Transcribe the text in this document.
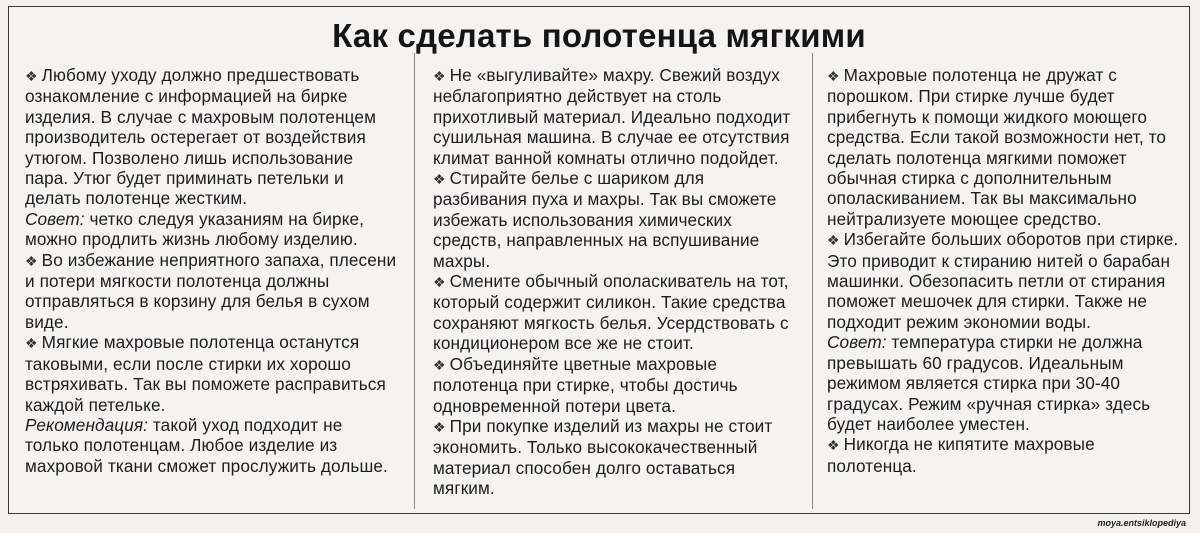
Как сделать полотенца мягкими

❖ Любому уходу должно предшествовать ознакомление с информацией на бирке изделия. В случае с махровым полотенцем производитель остерегает от воздействия утюгом. Позволено лишь использование пара. Утюг будет приминать петельки и делать полотенце жестким.

Совет: четко следуя указаниям на бирке, можно продлить жизнь любому изделию.

❖ Во избежание неприятного запаха, плесени и потери мягкости полотенца должны отправляться в корзину для белья в сухом виде.

❖ Мягкие махровые полотенца останутся таковыми, если после стирки их хорошо встряхивать. Так вы поможете расправиться каждой петельке.

Рекомендация: такой уход подходит не только полотенцам. Любое изделие из махровой ткани сможет прослужить дольше.

❖ Не «выгуливайте» махру. Свежий воздух неблагоприятно действует на столь прихотливый материал. Идеально подходит сушильная машина. В случае ее отсутствия климат ванной комнаты отлично подойдет.

❖ Стирайте белье с шариком для разбивания пуха и махры. Так вы сможете избежать использования химических средств, направленных на вспушивание махры.

❖ Смените обычный ополаскиватель на тот, который содержит силикон. Такие средства сохраняют мягкость белья. Усердствовать с кондиционером все же не стоит.

❖ Объединяйте цветные махровые полотенца при стирке, чтобы достичь одновременной потери цвета.

❖ При покупке изделий из махры не стоит экономить. Только высококачественный материал способен долго оставаться мягким.

❖ Махровые полотенца не дружат с порошком. При стирке лучше будет прибегнуть к помощи жидкого моющего средства. Если такой возможности нет, то сделать полотенца мягкими поможет обычная стирка с дополнительным ополаскиванием. Так вы максимально нейтрализуете моющее средство.

❖ Избегайте больших оборотов при стирке. Это приводит к стиранию нитей о барабан машинки. Обезопасить петли от стирания поможет мешочек для стирки. Также не подходит режим экономии воды.

Совет: температура стирки не должна превышать 60 градусов. Идеальным режимом является стирка при 30-40 градусах. Режим «ручная стирка» здесь будет наиболее уместен.

❖ Никогда не кипятите махровые полотенца.

moya.entsiklopediya
